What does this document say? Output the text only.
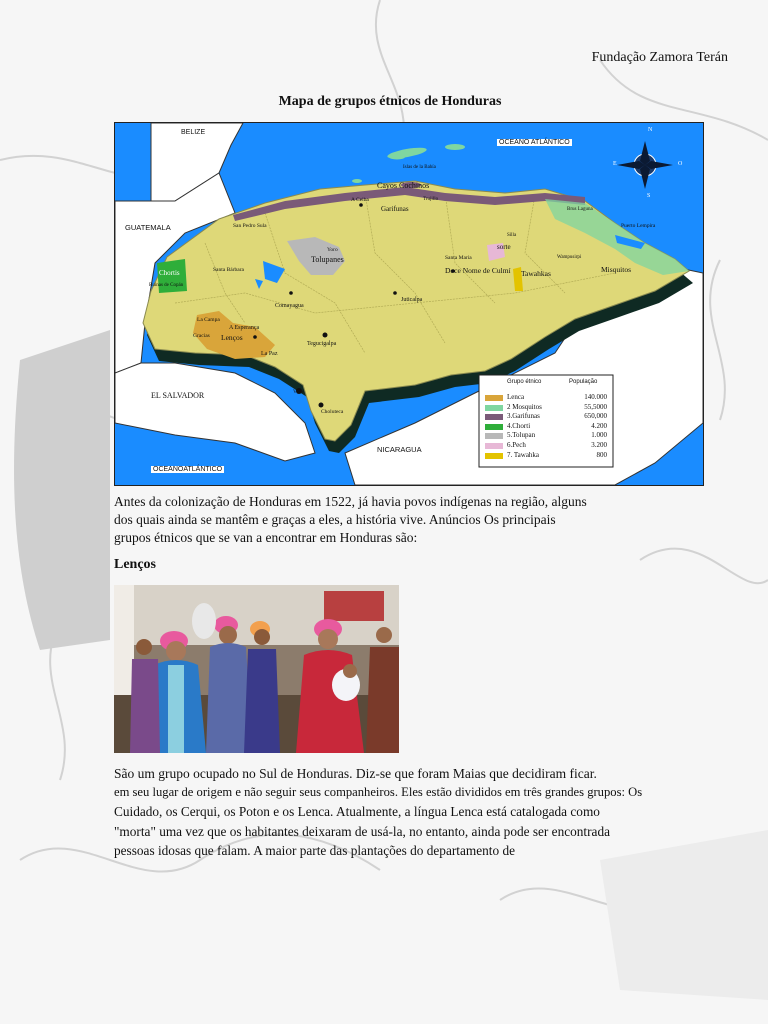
Fundação Zamora Terán
Mapa de grupos étnicos de Honduras
BELIZE
GUATEMALA
EL SALVADOR
NICARAGUA
OCEANO ATLÁNTICO
OCEANOATLÁNTICO
N
E	O
S
Cayos Cochinos
Garifunas
Tolupanes
Chortis
Lenços
Doce Nome de Culmí
sorte
Tawahkas	Misquitos
Juticalpa
Comayagua
Tegucigalpa
A Esperança
La Paz
A Ceiba
Santa Bárbara
San Pedro Sula	Puerto Lempira
Yoro
Santa Maria
La Campa
Gracias
Choluteca
Valle
Islas de la Bahía
Ruinas de Copán
Trujillo
Wampusirpi
Brus Laguna
Silla
Grupo étnico	População
Lenca	140.000
2 Mosquitos	55,5000
3.Garifunas	650,000
4.Chorti	4.200
5.Tolupan	1.000
6.Pech	3.200
7. Tawahka	800
Antes da colonização de Honduras em 1522, já havia povos indígenas na região, alguns
dos quais ainda se mantêm e graças a eles, a história vive. Anúncios Os principais
grupos étnicos que se van a encontrar em Honduras são:
Lenços

São um grupo ocupado no Sul de Honduras. Diz-se que foram Maias que decidiram ficar.

em seu lugar de origem e não seguir seus companheiros. Eles estão divididos em três grandes grupos: Os

Cuidado, os Cerqui, os Poton e os Lenca. Atualmente, a língua Lenca está catalogada como

"morta" uma vez que os habitantes deixaram de usá-la, no entanto, ainda pode ser encontrada

pessoas idosas que falam. A maior parte das plantações do departamento de
